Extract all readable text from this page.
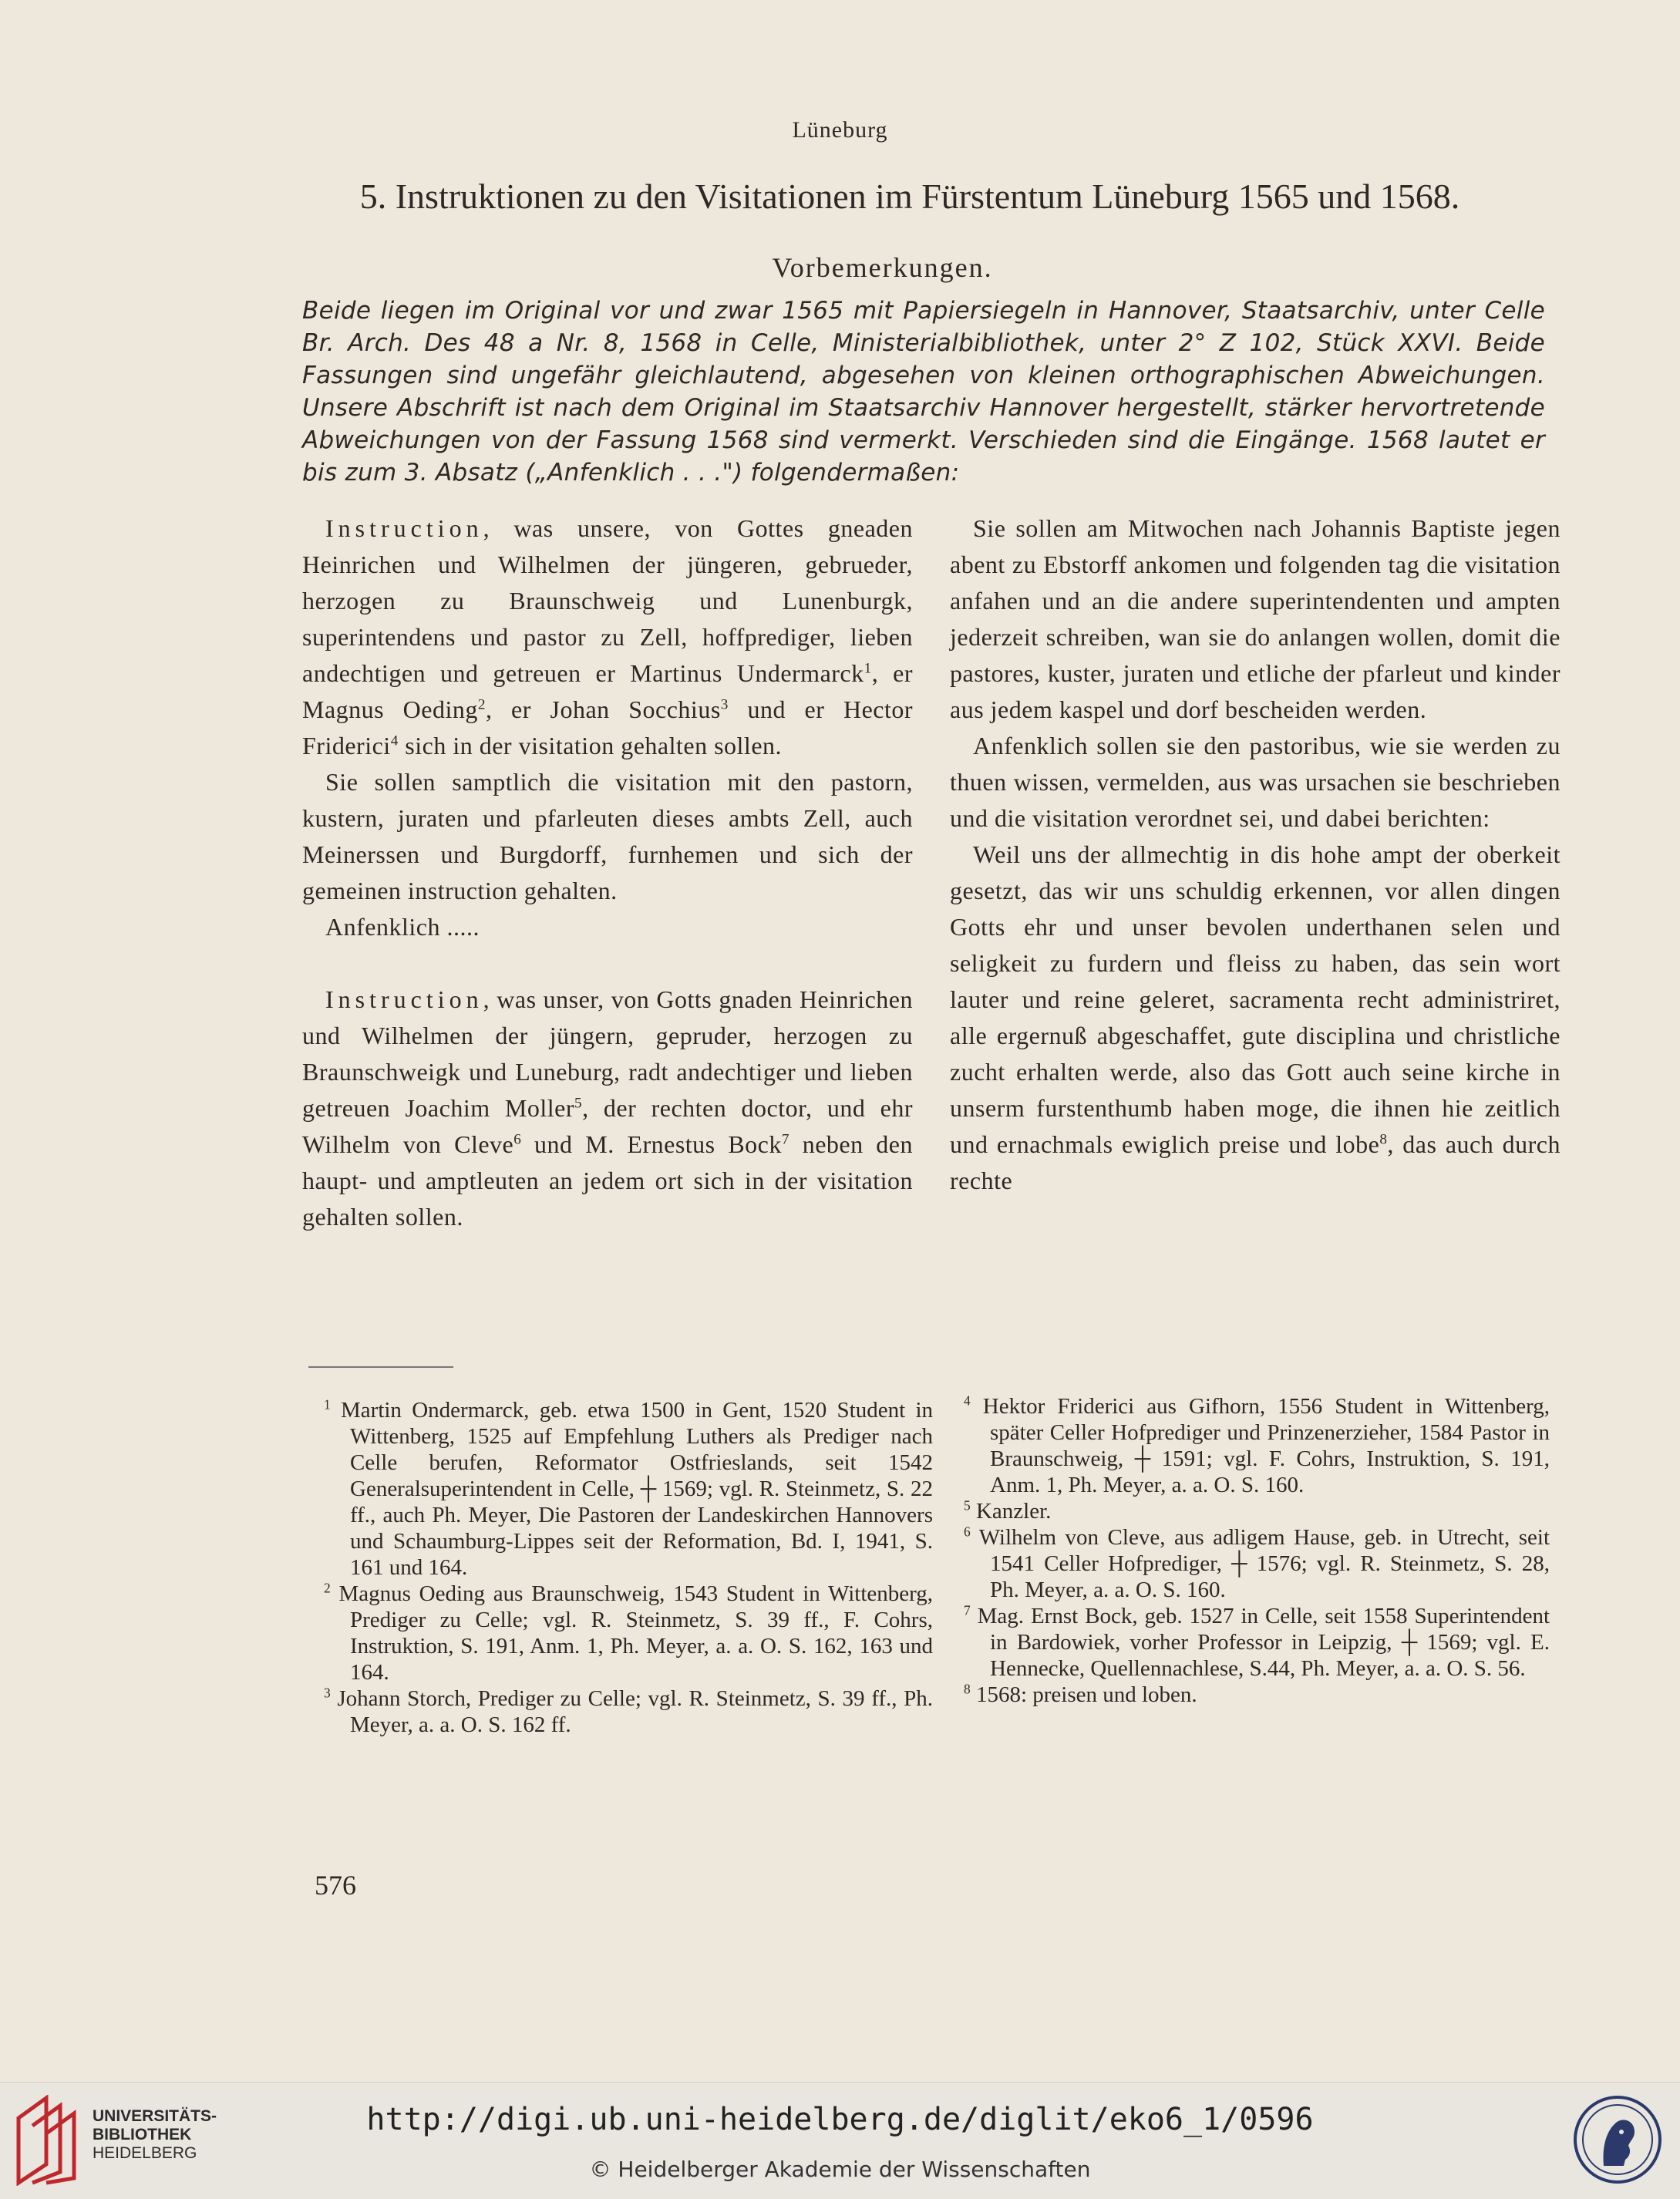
Lüneburg
5. Instruktionen zu den Visitationen im Fürstentum Lüneburg 1565 und 1568.
Vorbemerkungen.
Beide liegen im Original vor und zwar 1565 mit Papiersiegeln in Hannover, Staatsarchiv, unter Celle Br. Arch. Des 48 a Nr. 8, 1568 in Celle, Ministerialbibliothek, unter 2° Z 102, Stück XXVI. Beide Fassungen sind ungefähr gleichlautend, abgesehen von kleinen orthographischen Abweichungen. Unsere Abschrift ist nach dem Original im Staatsarchiv Hannover hergestellt, stärker hervortretende Abweichungen von der Fassung 1568 sind vermerkt. Verschieden sind die Eingänge. 1568 lautet er bis zum 3. Absatz („Anfenklich . . .") folgendermaßen:

Instruction, was unsere, von Gottes gneaden Heinrichen und Wilhelmen der jüngeren, gebrueder, herzogen zu Braunschweig und Lunenburgk, superintendens und pastor zu Zell, hoffprediger, lieben andechtigen und getreuen er Martinus Undermarck$^1$, er Magnus Oeding$^2$, er Johan Socchius$^3$ und er Hector Friderici$^4$ sich in der visitation gehalten sollen.

Sie sollen samptlich die visitation mit den pastorn, kustern, juraten und pfarleuten dieses ambts Zell, auch Meinerssen und Burgdorff, furnhemen und sich der gemeinen instruction gehalten.

Anfenklich .....

Instruction, was unser, von Gotts gnaden Heinrichen und Wilhelmen der jüngern, gepruder, herzogen zu Braunschweigk und Luneburg, radt andechtiger und lieben getreuen Joachim Moller$^5$, der rechten doctor, und ehr Wilhelm von Cleve$^6$ und M. Ernestus Bock$^7$ neben den haupt- und amptleuten an jedem ort sich in der visitation gehalten sollen.

Sie sollen am Mitwochen nach Johannis Baptiste jegen abent zu Ebstorff ankomen und folgenden tag die visitation anfahen und an die andere superintendenten und ampten jederzeit schreiben, wan sie do anlangen wollen, domit die pastores, kuster, juraten und etliche der pfarleut und kinder aus jedem kaspel und dorf bescheiden werden.

Anfenklich sollen sie den pastoribus, wie sie werden zu thuen wissen, vermelden, aus was ursachen sie beschrieben und die visitation verordnet sei, und dabei berichten:

Weil uns der allmechtig in dis hohe ampt der oberkeit gesetzt, das wir uns schuldig erkennen, vor allen dingen Gotts ehr und unser bevolen underthanen selen und seligkeit zu furdern und fleiss zu haben, das sein wort lauter und reine geleret, sacramenta recht administriret, alle ergernuß abgeschaffet, gute disciplina und christliche zucht erhalten werde, also das Gott auch seine kirche in unserm furstenthumb haben moge, die ihnen hie zeitlich und ernachmals ewiglich preise und lobe$^8$, das auch durch rechte

$^1$ Martin Ondermarck, geb. etwa 1500 in Gent, 1520 Student in Wittenberg, 1525 auf Empfehlung Luthers als Prediger nach Celle berufen, Reformator Ostfrieslands, seit 1542 Generalsuperintendent in Celle, ┼ 1569; vgl. R. Steinmetz, S. 22 ff., auch Ph. Meyer, Die Pastoren der Landeskirchen Hannovers und Schaumburg-Lippes seit der Reformation, Bd. I, 1941, S. 161 und 164.

$^2$ Magnus Oeding aus Braunschweig, 1543 Student in Wittenberg, Prediger zu Celle; vgl. R. Steinmetz, S. 39 ff., F. Cohrs, Instruktion, S. 191, Anm. 1, Ph. Meyer, a. a. O. S. 162, 163 und 164.

$^3$ Johann Storch, Prediger zu Celle; vgl. R. Steinmetz, S. 39 ff., Ph. Meyer, a. a. O. S. 162 ff.

$^4$ Hektor Friderici aus Gifhorn, 1556 Student in Wittenberg, später Celler Hofprediger und Prinzenerzieher, 1584 Pastor in Braunschweig, ┼ 1591; vgl. F. Cohrs, Instruktion, S. 191, Anm. 1, Ph. Meyer, a. a. O. S. 160.

$^5$ Kanzler.

$^6$ Wilhelm von Cleve, aus adligem Hause, geb. in Utrecht, seit 1541 Celler Hofprediger, ┼ 1576; vgl. R. Steinmetz, S. 28, Ph. Meyer, a. a. O. S. 160.

$^7$ Mag. Ernst Bock, geb. 1527 in Celle, seit 1558 Superintendent in Bardowiek, vorher Professor in Leipzig, ┼ 1569; vgl. E. Hennecke, Quellennachlese, S.44, Ph. Meyer, a. a. O. S. 56.

$^8$ 1568: preisen und loben.

576
UNIVERSITÄTS-
BIBLIOTHEK
HEIDELBERG
http://digi.ub.uni-heidelberg.de/diglit/eko6_1/0596
© Heidelberger Akademie der Wissenschaften
